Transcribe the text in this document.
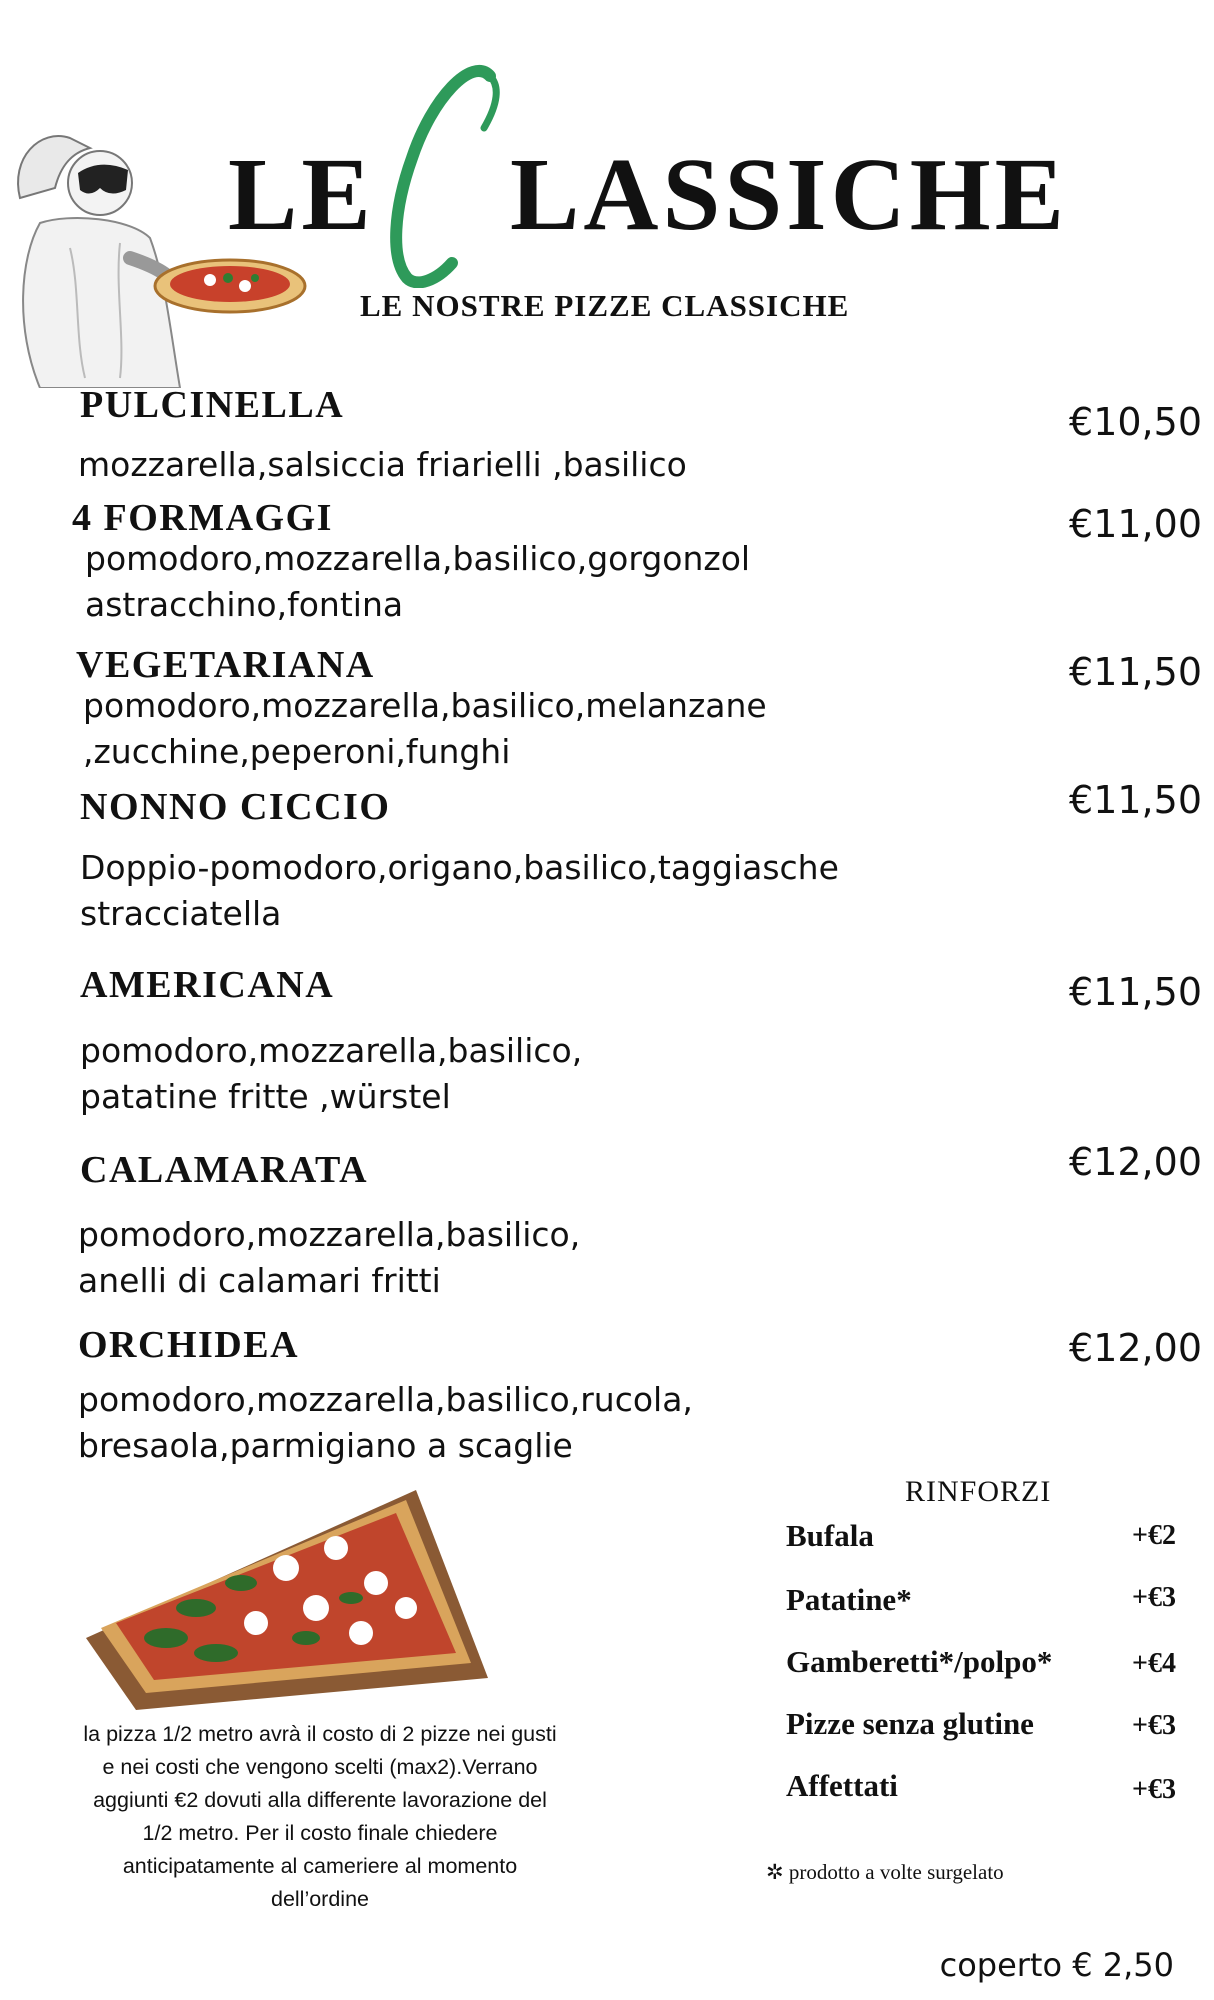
LE LASSICHE
LE NOSTRE PIZZE CLASSICHE
PULCINELLA	€10,50
mozzarella,salsiccia friarielli ,basilico
4 FORMAGGI	€11,00
pomodoro,mozzarella,basilico,gorgonzol
astracchino,fontina
VEGETARIANA	€11,50
pomodoro,mozzarella,basilico,melanzane
,zucchine,peperoni,funghi
NONNO CICCIO	€11,50
Doppio-pomodoro,origano,basilico,taggiasche
stracciatella
AMERICANA	€11,50
pomodoro,mozzarella,basilico,
patatine fritte ,würstel
CALAMARATA	€12,00
pomodoro,mozzarella,basilico,
anelli di calamari fritti
ORCHIDEA	€12,00
pomodoro,mozzarella,basilico,rucola,
bresaola,parmigiano a scaglie
la pizza 1/2 metro avrà il costo di 2 pizze nei gusti
e nei costi che vengono scelti (max2).Verrano
aggiunti €2 dovuti alla differente lavorazione del
1/2 metro. Per il costo finale chiedere
anticipatamente al cameriere al momento
dell’ordine
RINFORZI
Bufala	+€2
Patatine*	+€3
Gamberetti*/polpo*	+€4
Pizze senza glutine	+€3
Affettati	+€3
✲ prodotto a volte surgelato
coperto € 2,50
